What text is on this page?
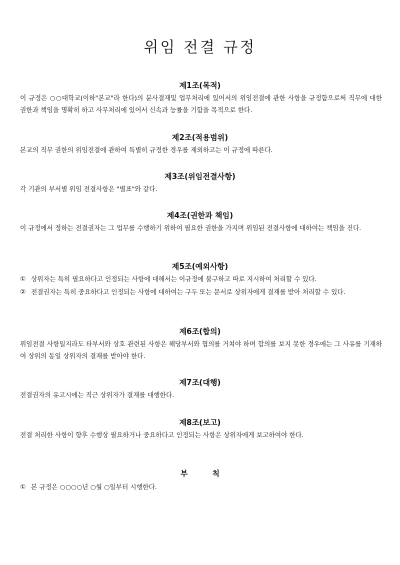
위임 전결 규정
제1조(목적)

이 규정은 ○○대학교(이하"본교"라 한다)의 분사결재및 업무처리에 있어서의 위임전결에 관한 사항을 규정함으로써 직무에 대한 권한과 책임을 명확히 하고 사무처리에 있어서 신속과 능률을 기함을 목적으로 한다.

제2조(적용범위)

본교의 직무 권한의 위임전결에 관하여 특별히 규정한 경우를 제외하고는 이 규정에 따른다.

제3조(위임전결사항)

각 기관의 부서별 위임 전결사항은 "별표"와 같다.

제4조(권한과 책임)

이 규정에서 정하는 전결권자는 그 업무를 수행하기 위하여 필요한 권한을 가지며 위임된 전결사항에 대하여는 책임을 진다.

제5조(예외사항)
① 상위자는 특히 필요하다고 인정되는 사항에 대해서는 이규정에 불구하고 따로 지시하여 처리할 수 있다.
② 전결권자는 특히 중요하다고 인정되는 사항에 대하여는 구두 또는 문서로 상위자에게 결재를 받아 처리할 수 있다.
제6조(합의)

위임전결 사항일지라도 타부서와 상호 관련된 사항은 해당부서와 협의를 거쳐야 하며 합의를 보지 못한 경우에는 그 사유를 기재하여 상위의 동일 상위자의 결재를 받아야 한다.

제7조(대행)

전결권자의 유고시에는 직근 상위자가 결재를 대행한다.

제8조(보고)

전결 처리한 사항이 향후 수행상 필요하거나 중요하다고 인정되는 사항은 상위자에게 보고하여야 한다.

부 칙
① 본 규정은 ○○○○년 ○월 ○일부터 시행한다.
